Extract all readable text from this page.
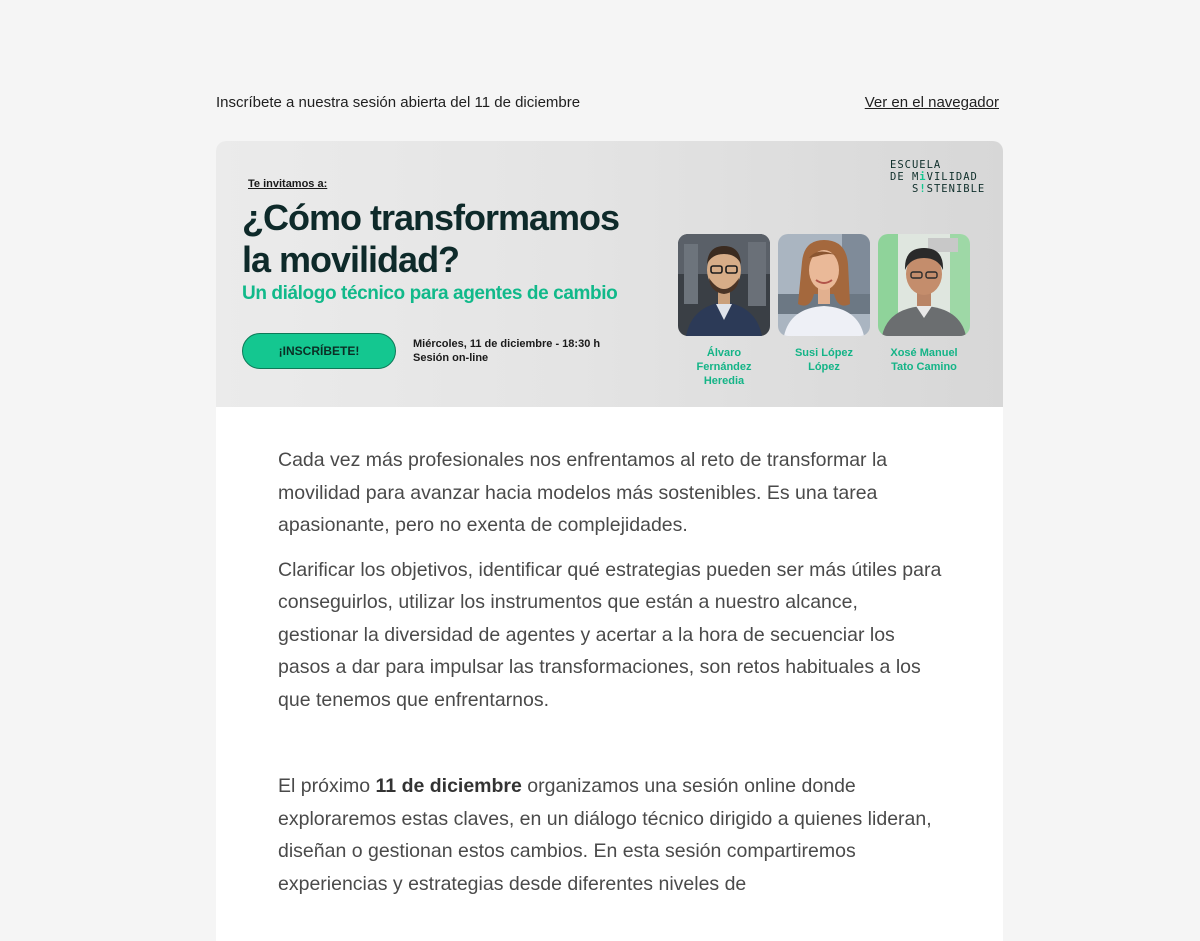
Inscríbete a nuestra sesión abierta del 11 de diciembre	Ver en el navegador
Te invitamos a:
¿Cómo transformamos
la movilidad?
Un diálogo técnico para agentes de cambio
¡INSCRÍBETE!	Miércoles, 11 de diciembre - 18:30 h
Sesión on-line
ESCUELA
DE MiVILIDAD
S!STENIBLE
Álvaro Fernández
Heredia
Susi López
López
Xosé Manuel
Tato Camino

Cada vez más profesionales nos enfrentamos al reto de transformar la movilidad para avanzar hacia modelos más sostenibles. Es una tarea apasionante, pero no exenta de complejidades.

Clarificar los objetivos, identificar qué estrategias pueden ser más útiles para conseguirlos, utilizar los instrumentos que están a nuestro alcance, gestionar la diversidad de agentes y acertar a la hora de secuenciar los pasos a dar para impulsar las transformaciones, son retos habituales a los que tenemos que enfrentarnos.

El próximo 11 de diciembre organizamos una sesión online donde exploraremos estas claves, en un diálogo técnico dirigido a quienes lideran, diseñan o gestionan estos cambios. En esta sesión compartiremos experiencias y estrategias desde diferentes niveles de
